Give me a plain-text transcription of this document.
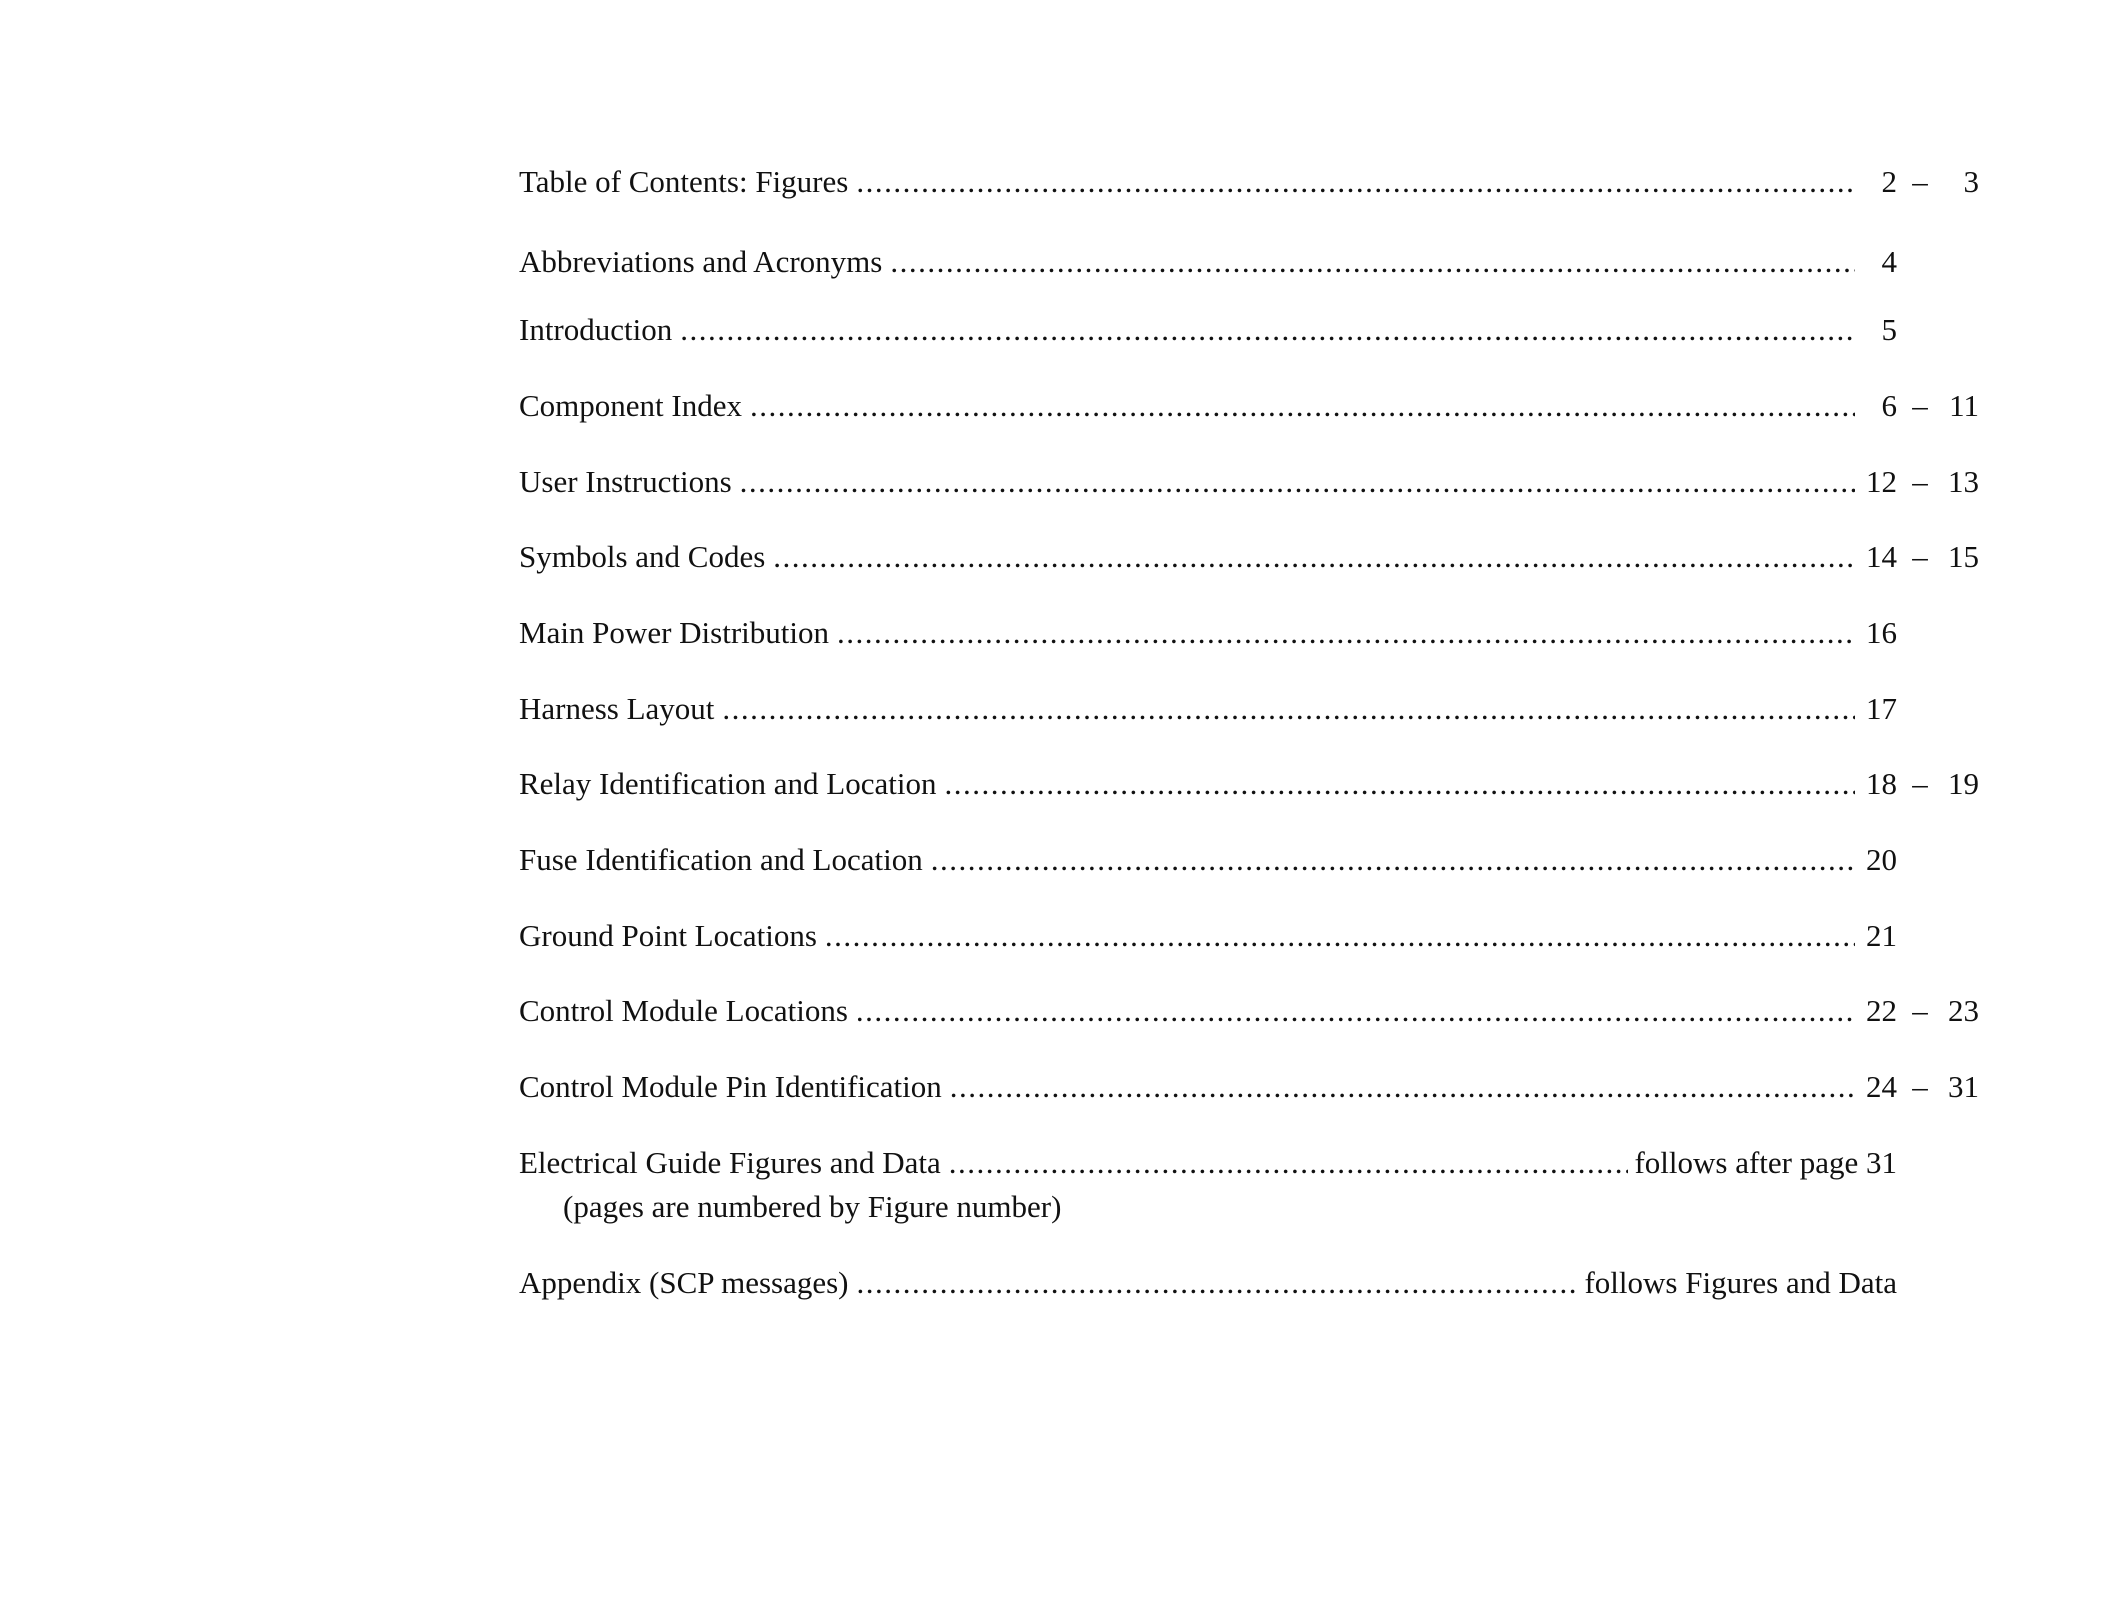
Table of Contents: Figures .....	2 –	3
Abbreviations and Acronyms .....	4
Introduction .....	5
Component Index .....	6 – 11
User Instructions .....	12 – 13
Symbols and Codes .....	14 – 15
Main Power Distribution .....	16
Harness Layout .....	17
Relay Identification and Location .....	18 – 19
Fuse Identification and Location .....	20
Ground Point Locations .....	21
Control Module Locations .....	22 – 23
Control Module Pin Identification .....	24 – 31
Electrical Guide Figures and Data .....	follows after page 31
(pages are numbered by Figure number)
Appendix (SCP messages) .....	follows Figures and Data
